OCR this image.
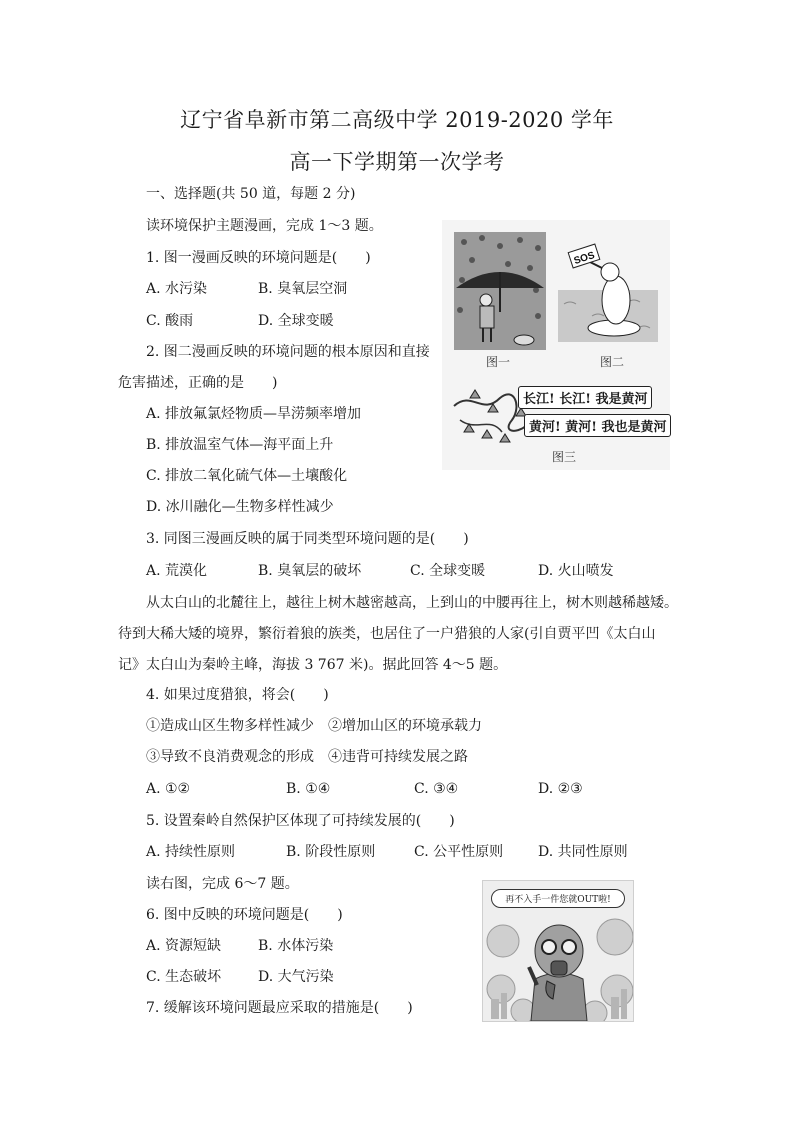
辽宁省阜新市第二高级中学 2019-2020 学年
高一下学期第一次学考
一、选择题(共 50 道，每题 2 分)
读环境保护主题漫画，完成 1～3 题。
1. 图一漫画反映的环境问题是(　　)
A. 水污染	B. 臭氧层空洞
C. 酸雨	D. 全球变暖
2. 图二漫画反映的环境问题的根本原因和直接
危害描述，正确的是　　)
A. 排放氟氯烃物质—旱涝频率增加
B. 排放温室气体—海平面上升
C. 排放二氧化硫气体—土壤酸化
D. 冰川融化—生物多样性减少
3. 同图三漫画反映的属于同类型环境问题的是(　　)
A. 荒漠化	B. 臭氧层的破坏	C. 全球变暖	D. 火山喷发
从太白山的北麓往上，越往上树木越密越高，上到山的中腰再往上，树木则越稀越矮。
待到大稀大矮的境界，繁衍着狼的族类，也居住了一户猎狼的人家(引自贾平凹《太白山
记》太白山为秦岭主峰，海拔 3 767 米)。据此回答 4～5 题。
4. 如果过度猎狼，将会(　　)
①造成山区生物多样性减少　②增加山区的环境承载力
③导致不良消费观念的形成　④违背可持续发展之路
A. ①②	B. ①④	C. ③④	D. ②③
5. 设置秦岭自然保护区体现了可持续发展的(　　)
A. 持续性原则	B. 阶段性原则	C. 公平性原则 D. 共同性原则
读右图，完成 6～7 题。
6. 图中反映的环境问题是(　　)
A. 资源短缺	B. 水体污染
C. 生态破坏	D. 大气污染
7. 缓解该环境问题最应采取的措施是(　　)
SOS
图一	图二
长江! 长江! 我是黄河
黄河! 黄河! 我也是黄河
图三
再不入手一件您就OUT啦!
